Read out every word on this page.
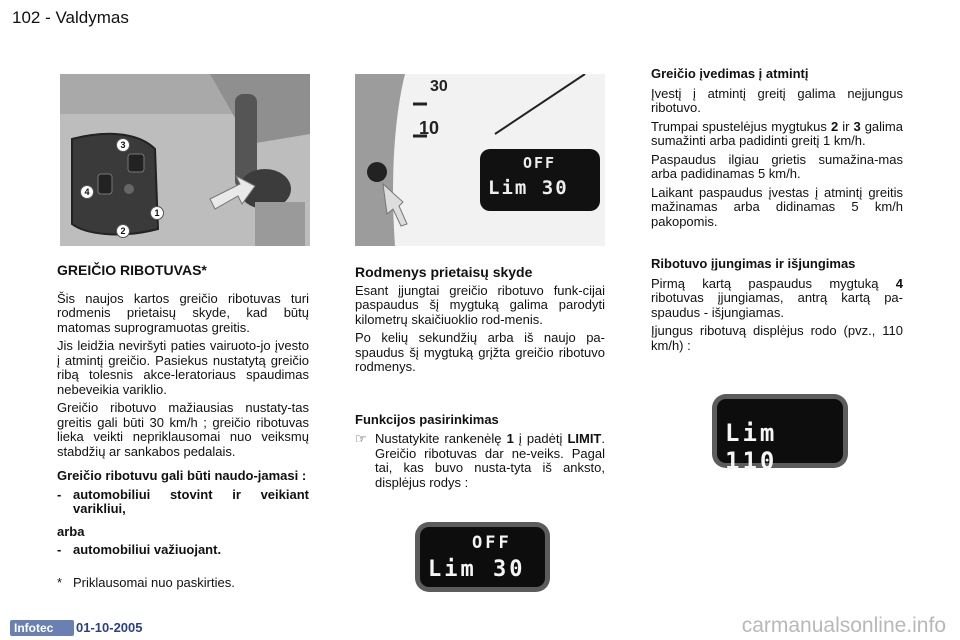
102 - Valdymas
3
4
1
2
30
10
OFF
Lim 30
GREIČIO RIBOTUVAS*

Šis naujos kartos greičio ribotuvas turi rodmenis prietaisų skyde, kad būtų matomas suprogramuotas greitis.

Jis leidžia neviršyti paties vairuoto-jo įvesto į atmintį greičio. Pasiekus nustatytą greičio ribą tolesnis akce-leratoriaus spaudimas nebeveikia variklio.

Greičio ribotuvo mažiausias nustaty-tas greitis gali būti 30 km/h ; greičio ribotuvas lieka veikti nepriklausomai nuo veiksmų stabdžių ar sankabos pedalais.

Greičio ribotuvu gali būti naudo-jamasi :

- automobiliui stovint ir veikiant varikliui,

arba

- automobiliui važiuojant.
* Priklausomai nuo paskirties.
Rodmenys prietaisų skyde

Esant įjungtai greičio ribotuvo funk-cijai paspaudus šį mygtuką galima parodyti kilometrų skaičiuoklio rod-menis.

Po kelių sekundžių arba iš naujo pa-spaudus šį mygtuką grįžta greičio ribotuvo rodmenys.

Funkcijos pasirinkimas
☞ Nustatykite rankenėlę 1 į padėtį LIMIT. Greičio ribotuvas dar ne-veiks. Pagal tai, kas buvo nusta-tyta iš anksto, displėjus rodys :
OFF
Lim 30
Greičio įvedimas į atmintį

Įvestį į atmintį greitį galima neįjungus ribotuvo.

Trumpai spustelėjus mygtukus 2 ir 3 galima sumažinti arba padidinti greitį 1 km/h.

Paspaudus ilgiau grietis sumažina-mas arba padidinamas 5 km/h.

Laikant paspaudus įvestas į atmintį greitis mažinamas arba didinamas 5 km/h pakopomis.

Ribotuvo įjungimas ir išjungimas

Pirmą kartą paspaudus mygtuką 4 ribotuvas įjungiamas, antrą kartą pa-spaudus - išjungiamas.

Įjungus ribotuvą displėjus rodo (pvz., 110 km/h) :

Lim 110
Infotec	01-10-2005	carmanualsonline.info
